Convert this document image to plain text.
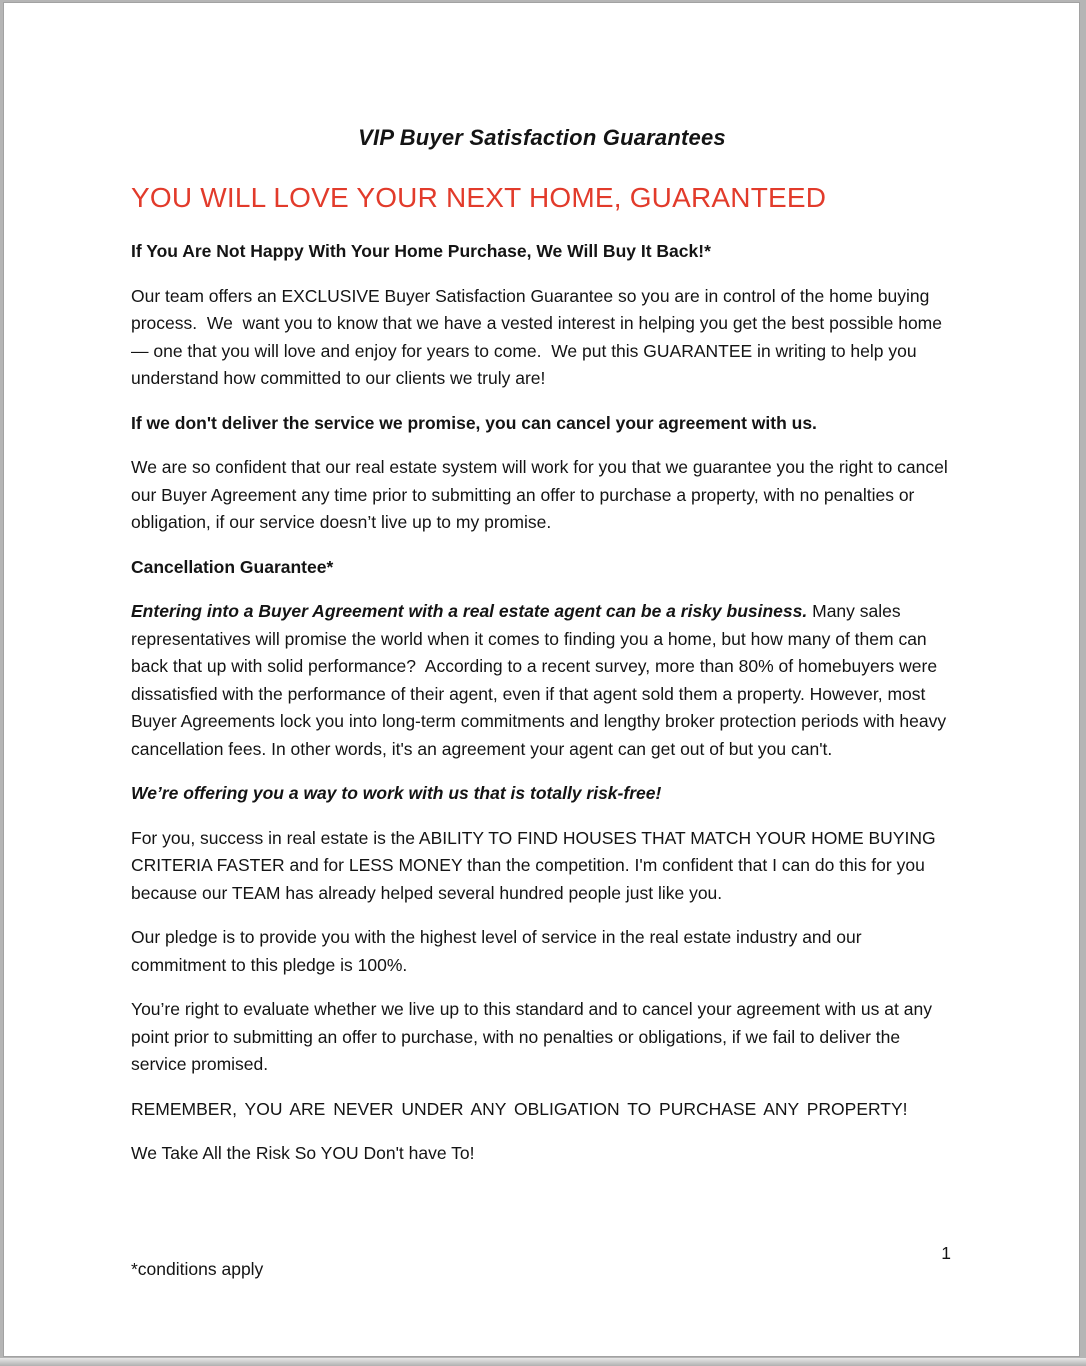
VIP Buyer Satisfaction Guarantees
YOU WILL LOVE YOUR NEXT HOME, GUARANTEED

If You Are Not Happy With Your Home Purchase, We Will Buy It Back!*

Our team offers an EXCLUSIVE Buyer Satisfaction Guarantee so you are in control of the home buying process.  We  want you to know that we have a vested interest in helping you get the best possible home — one that you will love and enjoy for years to come.  We put this GUARANTEE in writing to help you understand how committed to our clients we truly are!

If we don't deliver the service we promise, you can cancel your agreement with us.

We are so confident that our real estate system will work for you that we guarantee you the right to cancel our Buyer Agreement any time prior to submitting an offer to purchase a property, with no penalties or obligation, if our service doesn’t live up to my promise.

Cancellation Guarantee*

Entering into a Buyer Agreement with a real estate agent can be a risky business. Many sales representatives will promise the world when it comes to finding you a home, but how many of them can back that up with solid performance?  According to a recent survey, more than 80% of homebuyers were dissatisfied with the performance of their agent, even if that agent sold them a property. However, most Buyer Agreements lock you into long-term commitments and lengthy broker protection periods with heavy cancellation fees. In other words, it's an agreement your agent can get out of but you can't.

We’re offering you a way to work with us that is totally risk-free!

For you, success in real estate is the ABILITY TO FIND HOUSES THAT MATCH YOUR HOME BUYING CRITERIA FASTER and for LESS MONEY than the competition. I'm confident that I can do this for you because our TEAM has already helped several hundred people just like you.

Our pledge is to provide you with the highest level of service in the real estate industry and our commitment to this pledge is 100%.

You’re right to evaluate whether we live up to this standard and to cancel your agreement with us at any point prior to submitting an offer to purchase, with no penalties or obligations, if we fail to deliver the service promised.

REMEMBER, YOU ARE NEVER UNDER ANY OBLIGATION TO PURCHASE ANY PROPERTY!

We Take All the Risk So YOU Don't have To!

1
*conditions apply
